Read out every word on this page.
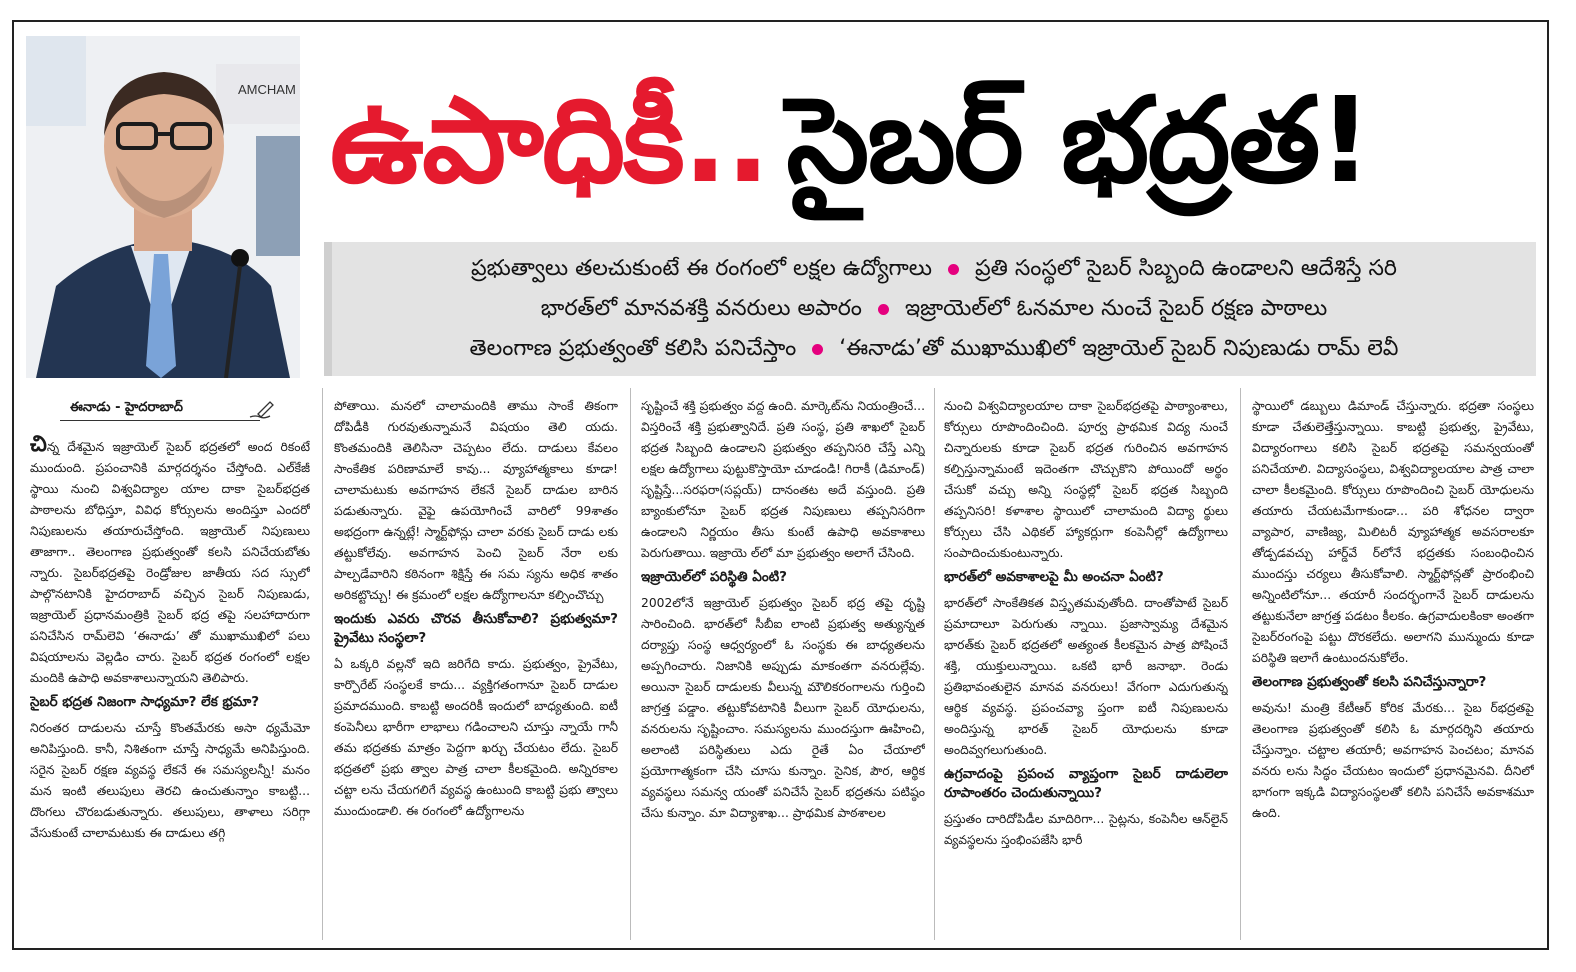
AMCHAM ఉపాధికీ.. సైబర్ భద్రత!
ప్రభుత్వాలు తలచుకుంటే ఈ రంగంలో లక్షల ఉద్యోగాలు ప్రతి సంస్థలో సైబర్ సిబ్బంది ఉండాలని ఆదేశిస్తే సరి
భారత్‌లో మానవశక్తి వనరులు అపారం ఇజ్రాయెల్‌లో ఓనమాల నుంచే సైబర్ రక్షణ పాఠాలు
తెలంగాణ ప్రభుత్వంతో కలిసి పనిచేస్తాం ‘ఈనాడు’తో ముఖాముఖిలో ఇజ్రాయెల్ సైబర్ నిపుణుడు రామ్ లెవీ
ఈనాడు - హైదరాబాద్

చిన్న దేశమైన ఇజ్రాయెల్ సైబర్ భద్రతలో అంద రికంటే ముందుంది. ప్రపంచానికి మార్గదర్శనం చేస్తోంది. ఎల్‌కేజీ స్థాయి నుంచి విశ్వవిద్యాల యాల దాకా సైబర్‌భద్రత పాఠాలను బోధిస్తూ, వివిధ కోర్సులను అందిస్తూ ఎందరో నిపుణులను తయారుచేస్తోంది. ఇజ్రాయెల్ నిపుణులు తాజాగా.. తెలంగాణ ప్రభుత్వంతో కలసి పనిచేయబోతు న్నారు. సైబర్‌భద్రతపై రెండ్రోజుల జాతీయ సద స్సులో పాల్గొనటానికి హైదరాబాద్ వచ్చిన సైబర్ నిపుణుడు, ఇజ్రాయెల్ ప్రధానమంత్రికి సైబర్ భద్ర తపై సలహాదారుగా పనిచేసిన రామ్‌లెవి ‘ఈనాడు’ తో ముఖాముఖిలో పలు విషయాలను వెల్లడిం చారు. సైబర్ భద్రత రంగంలో లక్షల మందికి ఉపాధి అవకాశాలున్నాయని తెలిపారు.

సైబర్ భద్రత నిజంగా సాధ్యమా? లేక భ్రమా?

నిరంతర దాడులను చూస్తే కొంతమేరకు అసా ధ్యమేమో అనిపిస్తుంది. కానీ, నిశితంగా చూస్తే సాధ్యమే అనిపిస్తుంది. సరైన సైబర్ రక్షణ వ్యవస్థ లేకనే ఈ సమస్యలన్నీ! మనం మన ఇంటి తలుపులు తెరచి ఉంచుతున్నాం కాబట్టి... దొంగలు చొరబడుతున్నారు. తలుపులు, తాళాలు సరిగ్గా వేసుకుంటే చాలామటుకు ఈ దాడులు తగ్గి

పోతాయి. మనలో చాలామందికి తాము సాంకే తికంగా దోపిడీకి గురవుతున్నామనే విషయం తెలి యదు. కొంతమందికి తెలిసినా చెప్పటం లేదు. దాడులు కేవలం సాంకేతిక పరిణామాలే కావు... వ్యూహాత్మకాలు కూడా! చాలామటుకు అవగాహన లేకనే సైబర్ దాడుల బారిన పడుతున్నారు. వైఫై ఉపయోగించే వారిలో 99శాతం అభద్రంగా ఉన్నట్లే! స్మార్ట్‌ఫోన్లు చాలా వరకు సైబర్ దాడు లకు తట్టుకోలేవు. అవగాహన పెంచి సైబర్ నేరా లకు పాల్పడేవారిని కఠినంగా శిక్షిస్తే ఈ సమ స్యను అధిక శాతం అరికట్టొచ్చు! ఈ క్రమంలో లక్షల ఉద్యోగాలనూ కల్పించొచ్చు

ఇందుకు ఎవరు చొరవ తీసుకోవాలి? ప్రభుత్వమా? ప్రైవేటు సంస్థలా?

ఏ ఒక్కరి వల్లనో ఇది జరిగేది కాదు. ప్రభుత్వం, ప్రైవేటు, కార్పొరేట్ సంస్థలకే కాదు... వ్యక్తిగతంగానూ సైబర్ దాడుల ప్రమాదముంది. కాబట్టి అందరికీ ఇందులో బాధ్యతుంది. ఐటీ కంపెనీలు భారీగా లాభాలు గడించాలని చూస్తు న్నాయే గానీ తమ భద్రతకు మాత్రం పెద్దగా ఖర్చు చేయటం లేదు. సైబర్ భద్రతలో ప్రభు త్వాల పాత్ర చాలా కీలకమైంది. అన్నిరకాల చట్టా లను చేయగలిగే వ్యవస్థ ఉంటుంది కాబట్టి ప్రభు త్వాలు ముందుండాలి. ఈ రంగంలో ఉద్యోగాలను

సృష్టించే శక్తి ప్రభుత్వం వద్ద ఉంది. మార్కెట్‌ను నియంత్రించే... విస్తరించే శక్తి ప్రభుత్వానిదే. ప్రతి సంస్థ, ప్రతి శాఖలో సైబర్ భద్రత సిబ్బంది ఉండాలని ప్రభుత్వం తప్పనిసరి చేస్తే ఎన్ని లక్షల ఉద్యోగాలు పుట్టుకొస్తాయో చూడండి! గిరాకీ (డిమాండ్) సృష్టిస్తే...సరఫరా(సప్లయ్) దానంతట అదే వస్తుంది. ప్రతి బ్యాంకులోనూ సైబర్ భద్రత నిపుణులు తప్పనిసరిగా ఉండాలని నిర్ణయం తీసు కుంటే ఉపాధి అవకాశాలు పెరుగుతాయి. ఇజ్రాయె ల్‌లో మా ప్రభుత్వం అలాగే చేసింది.

ఇజ్రాయెల్‌లో పరిస్థితి ఏంటి?

2002లోనే ఇజ్రాయెల్ ప్రభుత్వం సైబర్ భద్ర తపై దృష్టి సారించింది. భారత్‌లో సీబీఐ లాంటి ప్రభుత్వ అత్యున్నత దర్యాప్తు సంస్థ ఆధ్వర్యంలో ఓ సంస్థకు ఈ బాధ్యతలను అప్పగించారు. నిజానికి అప్పుడు మాకంతగా వనరుల్లేవు. అయినా సైబర్ దాడులకు వీలున్న మౌలికరంగాలను గుర్తించి జాగ్రత్త పడ్డాం. తట్టుకోవటానికి వీలుగా సైబర్ యోధులను, వనరులను సృష్టించాం. సమస్యలను ముందస్తుగా ఊహించి, అలాంటి పరిస్థితులు ఎదు రైతే ఏం చేయాలో ప్రయోగాత్మకంగా చేసి చూసు కున్నాం. సైనిక, పౌర, ఆర్థిక వ్యవస్థలు సమన్వ యంతో పనిచేసే సైబర్ భద్రతను పటిష్ఠం చేసు కున్నాం. మా విద్యాశాఖ... ప్రాథమిక పాఠశాలల

నుంచి విశ్వవిద్యాలయాల దాకా సైబర్‌భద్రతపై పాఠ్యాంశాలు, కోర్సులు రూపొందించింది. పూర్వ ప్రాథమిక విద్య నుంచే చిన్నారులకు కూడా సైబర్ భద్రత గురించిన అవగాహన కల్పిస్తున్నామంటే ఇదెంతగా చొచ్చుకొని పోయిందో అర్థం చేసుకో వచ్చు అన్ని సంస్థల్లో సైబర్ భద్రత సిబ్బంది తప్పనిసరి! కళాశాల స్థాయిలో చాలామంది విద్యా ర్థులు కోర్సులు చేసి ఎథికల్ హ్యాకర్లుగా కంపెనీల్లో ఉద్యోగాలు సంపాదించుకుంటున్నారు.

భారత్‌లో అవకాశాలపై మీ అంచనా ఏంటి?

భారత్‌లో సాంకేతికత విస్తృతమవుతోంది. దాంతోపాటే సైబర్ ప్రమాదాలూ పెరుగుతు న్నాయి. ప్రజాస్వామ్య దేశమైన భారత్‌కు సైబర్ భద్రతలో అత్యంత కీలకమైన పాత్ర పోషించే శక్తి, యుక్తులున్నాయి. ఒకటి భారీ జనాభా. రెండు ప్రతిభావంతులైన మానవ వనరులు! వేగంగా ఎదుగుతున్న ఆర్థిక వ్యవస్థ. ప్రపంచవ్యా ప్తంగా ఐటీ నిపుణులను అందిస్తున్న భారత్ సైబర్ యోధులను కూడా అందివ్వగలుగుతుంది.

ఉగ్రవాదంపై ప్రపంచ వ్యాప్తంగా సైబర్ దాడులెలా రూపాంతరం చెందుతున్నాయి?

ప్రస్తుతం దారిదోపిడీల మాదిరిగా... సైట్లను, కంపెనీల ఆన్‌లైన్ వ్యవస్థలను స్తంభింపజేసి భారీ

స్థాయిలో డబ్బులు డిమాండ్ చేస్తున్నారు. భద్రతా సంస్థలు కూడా చేతులెత్తేస్తున్నాయి. కాబట్టి ప్రభుత్వ, ప్రైవేటు, విద్యారంగాలు కలిసి సైబర్ భద్రతపై సమన్వయంతో పనిచేయాలి. విద్యాసంస్థలు, విశ్వవిద్యాలయాల పాత్ర చాలా చాలా కీలకమైంది. కోర్సులు రూపొందించి సైబర్ యోధులను తయారు చేయటమేగాకుండా... పరి శోధనల ద్వారా వ్యాపార, వాణిజ్య, మిలిటరీ వ్యూహాత్మక అవసరాలకూ తోడ్పడవచ్చు హార్డ్‌వే ర్‌లోనే భద్రతకు సంబంధించిన ముందస్తు చర్యలు తీసుకోవాలి. స్మార్ట్‌ఫోన్లతో ప్రారంభించి అన్నింటిలోనూ... తయారీ సందర్భంగానే సైబర్ దాడులను తట్టుకునేలా జాగ్రత్త పడటం కీలకం. ఉగ్రవాదులకింకా అంతగా సైబర్‌రంగంపై పట్టు దొరకలేదు. అలాగని మున్ముందు కూడా పరిస్థితి ఇలాగే ఉంటుందనుకోలేం.

తెలంగాణ ప్రభుత్వంతో కలసి పనిచేస్తున్నారా?

అవును! మంత్రి కేటీఆర్ కోరిక మేరకు... సైబ ర్‌భద్రతపై తెలంగాణ ప్రభుత్వంతో కలిసి ఓ మార్గదర్శిని తయారు చేస్తున్నాం. చట్టాల తయారీ; అవగాహన పెంచటం; మానవ వనరు లను సిద్ధం చేయటం ఇందులో ప్రధానమైనవి. దీనిలో భాగంగా ఇక్కడి విద్యాసంస్థలతో కలిసి పనిచేసే అవకాశమూ ఉంది.
